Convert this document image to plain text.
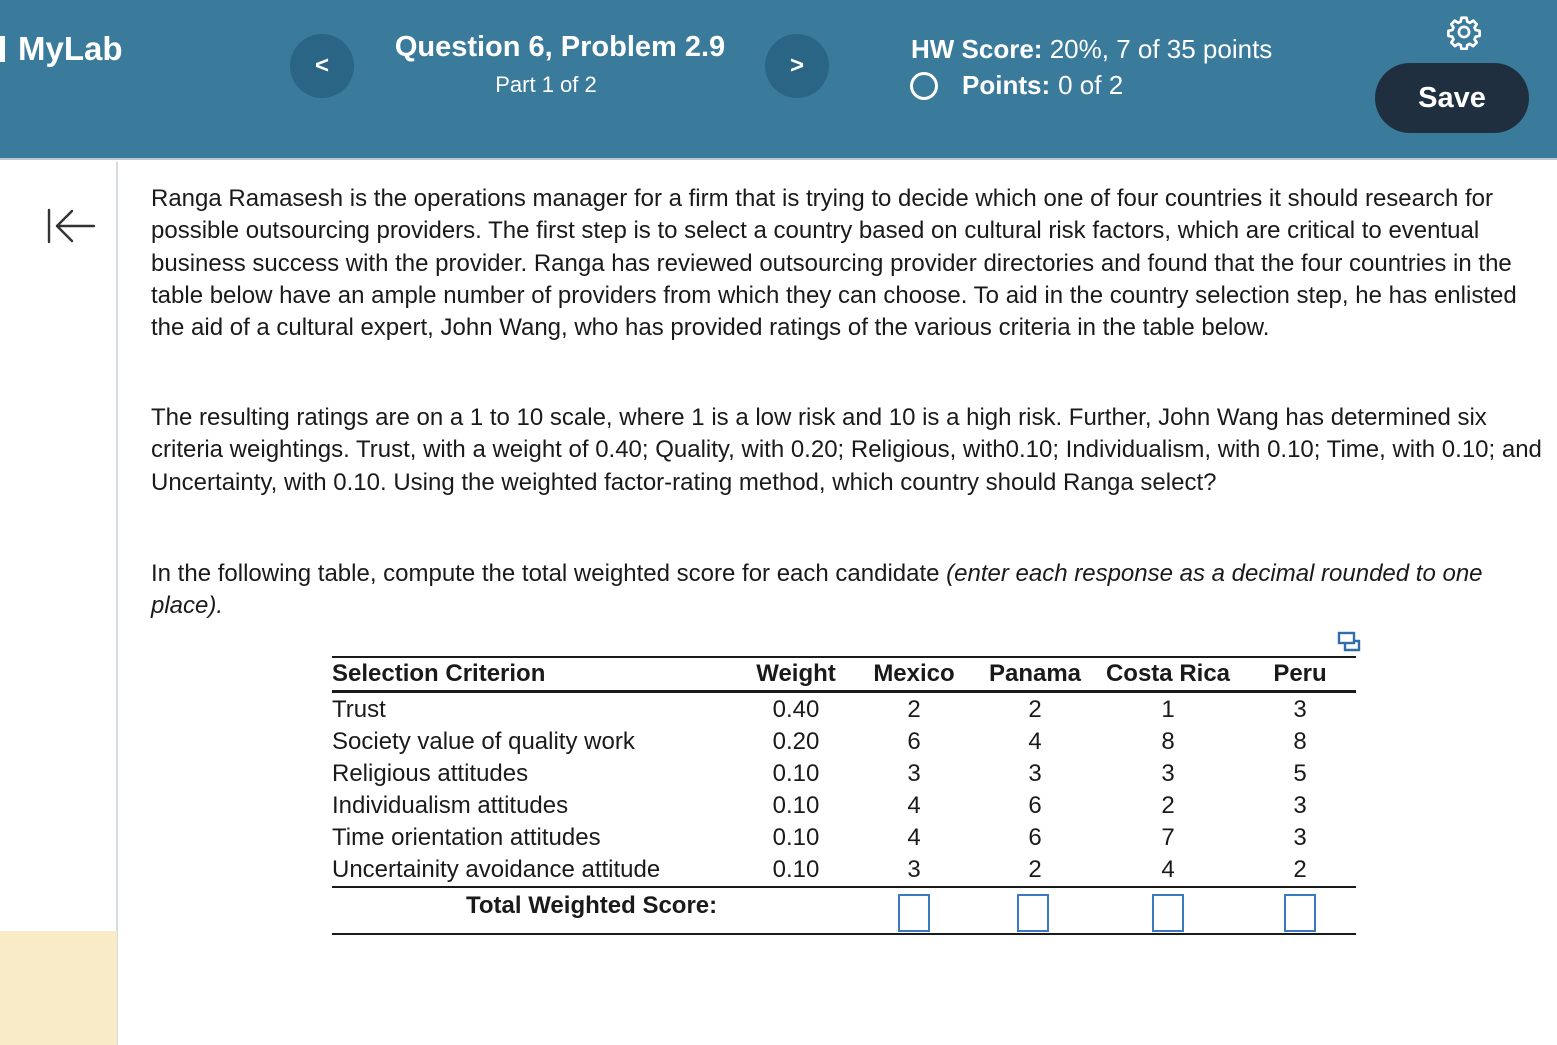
MyLab	<
Question 6, Problem 2.9
Part 1 of 2
>
HW Score: 20%, 7 of 35 points
Points: 0 of 2	Save
Ranga Ramasesh is the operations manager for a firm that is trying to decide which one of four countries it should research for possible outsourcing providers. The first step is to select a country based on cultural risk factors, which are critical to eventual business success with the provider. Ranga has reviewed outsourcing provider directories and found that the four countries in the table below have an ample number of providers from which they can choose. To aid in the country selection step, he has enlisted the aid of a cultural expert, John Wang, who has provided ratings of the various criteria in the table below.
The resulting ratings are on a 1 to 10 scale, where 1 is a low risk and 10 is a high risk. Further, John Wang has determined six criteria weightings. Trust, with a weight of 0.40; Quality, with 0.20; Religious, with0.10; Individualism, with 0.10; Time, with 0.10; and Uncertainty, with 0.10. Using the weighted factor-rating method, which country should Ranga select?
In the following table, compute the total weighted score for each candidate (enter each response as a decimal rounded to one place).
Selection Criterion	Weight	Mexico	Panama	Costa Rica	Peru
Trust	0.40	2	2	1	3
Society value of quality work	0.20	6	4	8	8
Religious attitudes	0.10	3	3	3	5
Individualism attitudes	0.10	4	6	2	3
Time orientation attitudes	0.10	4	6	7	3
Uncertainity avoidance attitude	0.10	3	2	4	2
Total Weighted Score:
